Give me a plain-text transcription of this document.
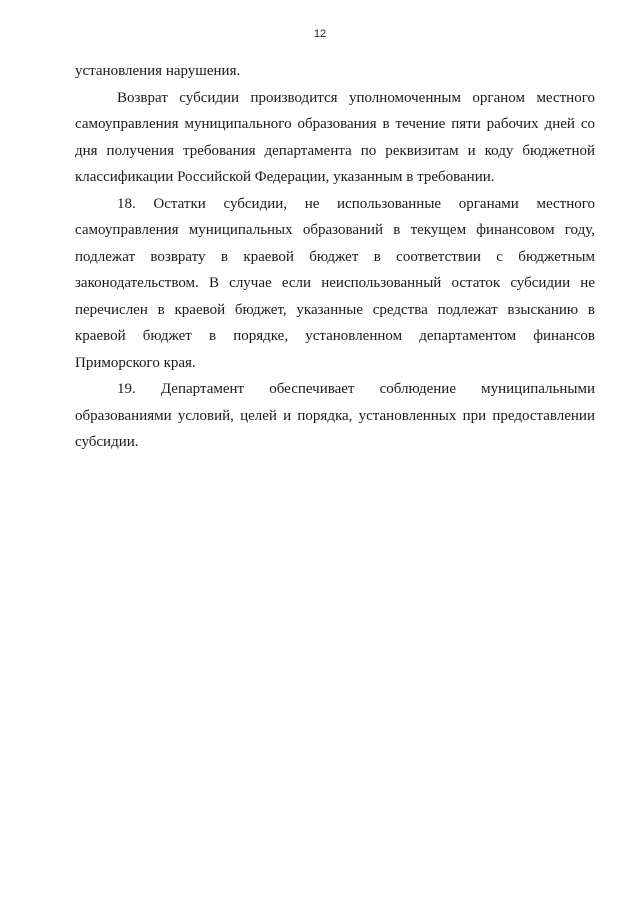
12

установления нарушения.

Возврат субсидии производится уполномоченным органом местного самоуправления муниципального образования в течение пяти рабочих дней со дня получения требования департамента по реквизитам и коду бюджетной классификации Российской Федерации, указанным в требовании.

18. Остатки субсидии, не использованные органами местного самоуправления муниципальных образований в текущем финансовом году, подлежат возврату в краевой бюджет в соответствии с бюджетным законодательством. В случае если неиспользованный остаток субсидии не перечислен в краевой бюджет, указанные средства подлежат взысканию в краевой бюджет в порядке, установленном департаментом финансов Приморского края.

19. Департамент обеспечивает соблюдение муниципальными образованиями условий, целей и порядка, установленных при предоставлении субсидии.
